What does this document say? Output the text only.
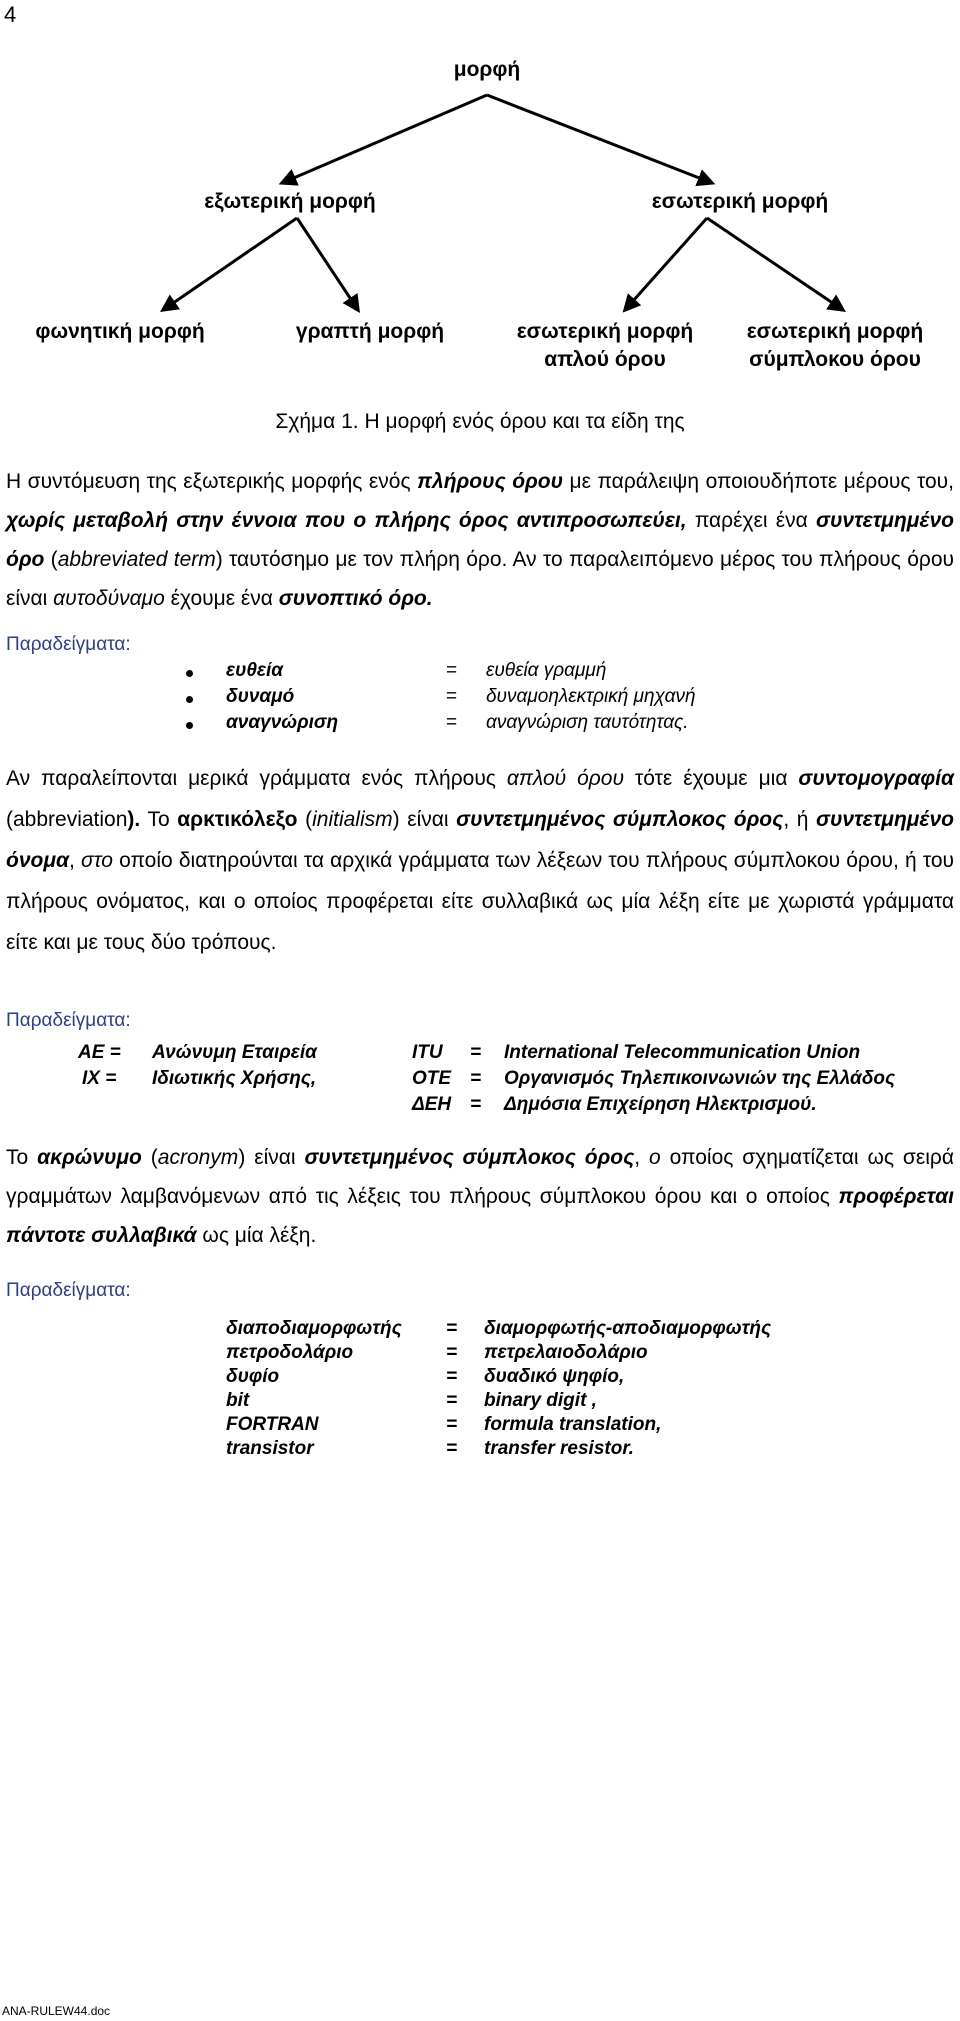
4
μορφή
εξωτερική μορφή	εσωτερική μορφή
φωνητική μορφή	γραπτή μορφή	εσωτερική μορφή
απλού όρου
εσωτερική μορφή
σύμπλοκου όρου
Σχήμα 1. Η μορφή ενός όρου και τα είδη της

Η συντόμευση της εξωτερικής μορφής ενός πλήρους όρου με παράλειψη οποιουδήποτε μέρους του, χωρίς μεταβολή στην έννοια που ο πλήρης όρος αντιπροσωπεύει, παρέχει ένα συντετμημένο όρο (abbreviated term) ταυτόσημο με τον πλήρη όρο. Αν το παραλειπόμενο μέρος του πλήρους όρου είναι αυτοδύναμο έχουμε ένα συνοπτικό όρο.

Παραδείγματα:
ευθεία	= ευθεία γραμμή
δυναμό	= δυναμοηλεκτρική μηχανή
αναγνώριση	= αναγνώριση ταυτότητας.

Αν παραλείπονται μερικά γράμματα ενός πλήρους απλού όρου τότε έχουμε μια συντομογραφία (abbreviation). Το αρκτικόλεξο (initialism) είναι συντετμημένος σύμπλοκος όρος, ή συντετμημένο όνομα, στο οποίο διατηρούνται τα αρχικά γράμματα των λέξεων του πλήρους σύμπλοκου όρου, ή του πλήρους ονόματος, και ο οποίος προφέρεται είτε συλλαβικά ως μία λέξη είτε με χωριστά γράμματα είτε και με τους δύο τρόπους.

Παραδείγματα:
ΑΕ = Ανώνυμη Εταιρεία	ITU = International Telecommunication Union
ΙΧ = Ιδιωτικής Χρήσης,	ΟΤΕ = Οργανισμός Τηλεπικοινωνιών της Ελλάδος
ΔΕΗ = Δημόσια Επιχείρηση Ηλεκτρισμού.

Το ακρώνυμο (acronym) είναι συντετμημένος σύμπλοκος όρος, ο οποίος σχηματίζεται ως σειρά γραμμάτων λαμβανόμενων από τις λέξεις του πλήρους σύμπλοκου όρου και ο οποίος προφέρεται πάντοτε συλλαβικά ως μία λέξη.

Παραδείγματα:
διαποδιαμορφωτής = διαμορφωτής-αποδιαμορφωτής
πετροδολάριο	= πετρελαιοδολάριο
δυφίο	= δυαδικό ψηφίο,
bit	= binary digit ,
FORTRAN	= formula translation,
transistor	= transfer resistor.
ANA-RULEW44.doc
